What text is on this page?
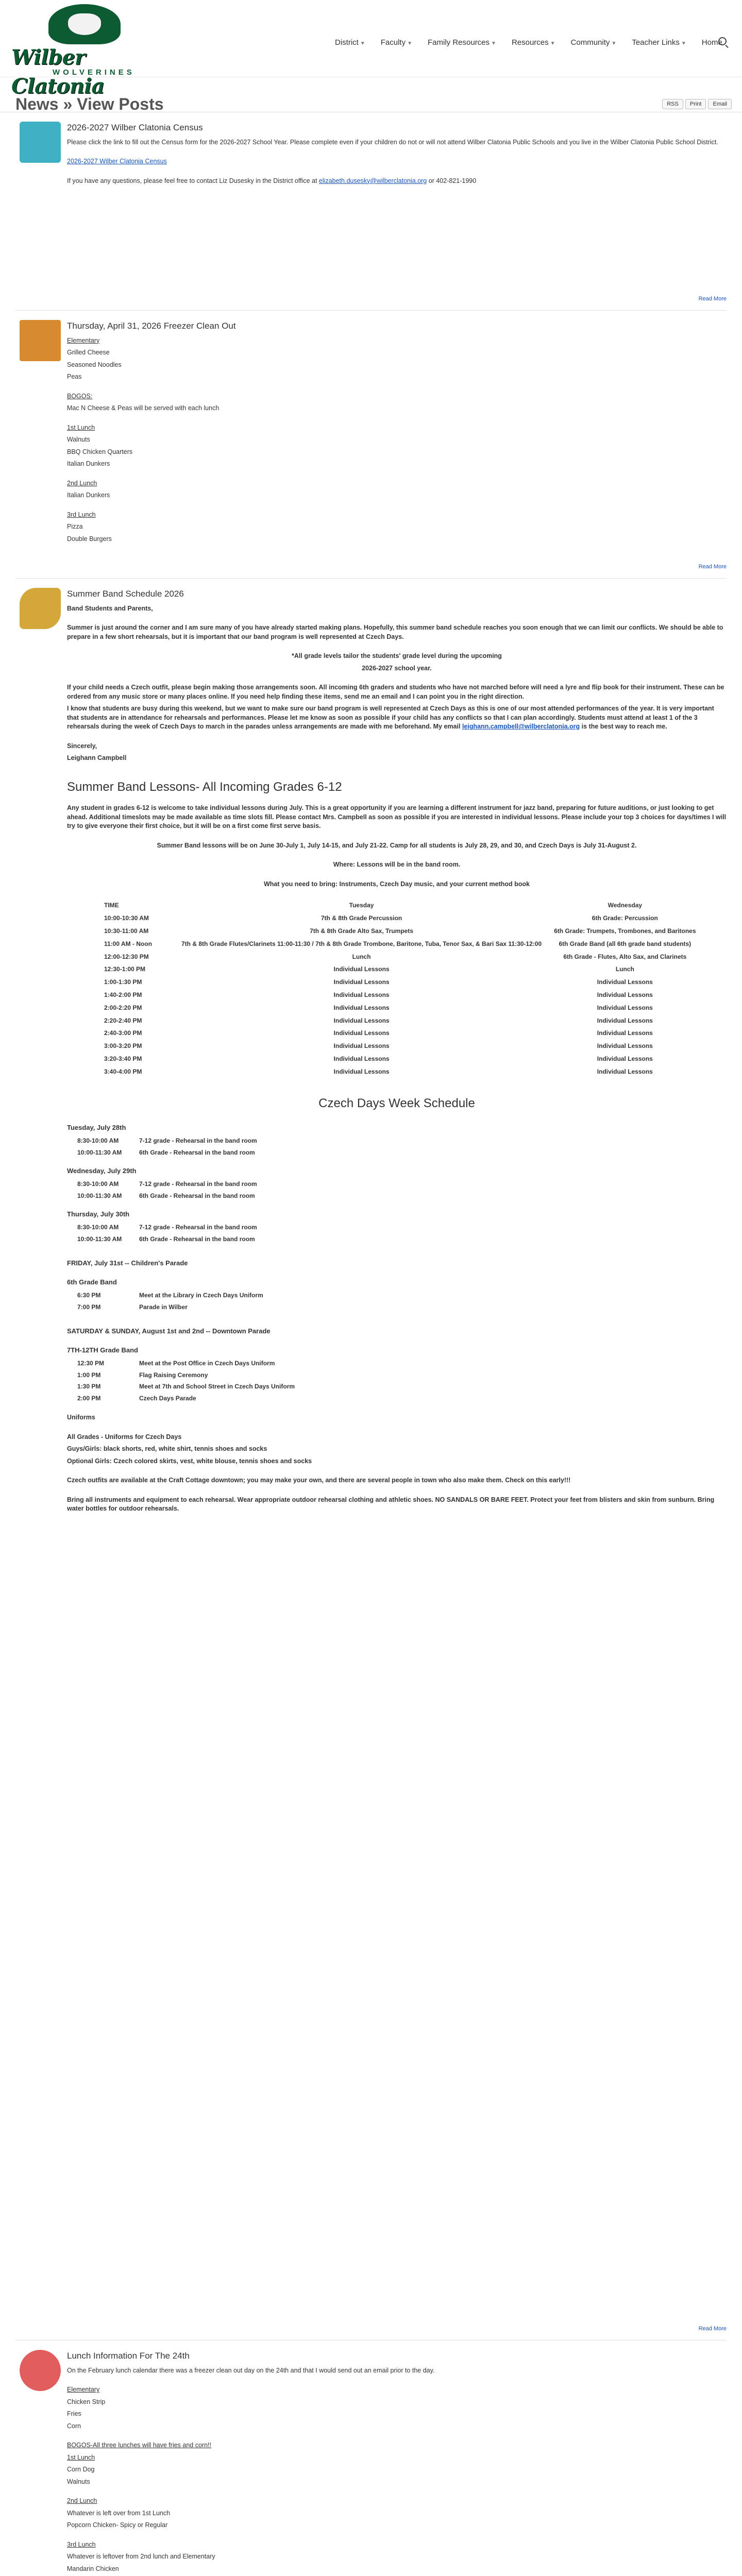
Wilber Clatonia
WOLVERINES
District ▼ Faculty ▼ Family Resources ▼ Resources ▼ Community ▼ Teacher Links ▼ Home
News » View Posts	RSS	Print	Email
2026-2027 Wilber Clatonia Census

Please click the link to fill out the Census form for the 2026-2027 School Year. Please complete even if your children do not or will not attend Wilber Clatonia Public Schools and you live in the Wilber Clatonia Public School District.

2026-2027 Wilber Clatonia Census

If you have any questions, please feel free to contact Liz Dusesky in the District office at elizabeth.dusesky@wilberclatonia.org or 402-821-1990

Read More
Thursday, April 31, 2026 Freezer Clean Out

Elementary

Grilled Cheese

Seasoned Noodles

Peas

BOGOS:

Mac N Cheese & Peas will be served with each lunch

1st Lunch

Walnuts

BBQ Chicken Quarters

Italian Dunkers

2nd Lunch

Italian Dunkers

3rd Lunch

Pizza

Double Burgers

Read More
Summer Band Schedule 2026

Band Students and Parents,

Summer is just around the corner and I am sure many of you have already started making plans. Hopefully, this summer band schedule reaches you soon enough that we can limit our conflicts. We should be able to prepare in a few short rehearsals, but it is important that our band program is well represented at Czech Days.

*All grade levels tailor the students' grade level during the upcoming

2026-2027 school year.

If your child needs a Czech outfit, please begin making those arrangements soon. All incoming 6th graders and students who have not marched before will need a lyre and flip book for their instrument. These can be ordered from any music store or many places online. If you need help finding these items, send me an email and I can point you in the right direction.

I know that students are busy during this weekend, but we want to make sure our band program is well represented at Czech Days as this is one of our most attended performances of the year. It is very important that students are in attendance for rehearsals and performances. Please let me know as soon as possible if your child has any conflicts so that I can plan accordingly. Students must attend at least 1 of the 3 rehearsals during the week of Czech Days to march in the parades unless arrangements are made with me beforehand. My email leighann.campbell@wilberclatonia.org is the best way to reach me.

Sincerely,

Leighann Campbell

Summer Band Lessons- All Incoming Grades 6-12

Any student in grades 6-12 is welcome to take individual lessons during July. This is a great opportunity if you are learning a different instrument for jazz band, preparing for future auditions, or just looking to get ahead. Additional timeslots may be made available as time slots fill. Please contact Mrs. Campbell as soon as possible if you are interested in individual lessons. Please include your top 3 choices for days/times I will try to give everyone their first choice, but it will be on a first come first serve basis.

Summer Band lessons will be on June 30-July 1, July 14-15, and July 21-22. Camp for all students is July 28, 29, and 30, and Czech Days is July 31-August 2.

Where: Lessons will be in the band room.

What you need to bring: Instruments, Czech Day music, and your current method book

TIME	Tuesday	Wednesday
10:00-10:30 AM	7th & 8th Grade Percussion	6th Grade: Percussion
10:30-11:00 AM	7th & 8th Grade Alto Sax, Trumpets	6th Grade: Trumpets, Trombones, and Baritones
11:00 AM - Noon	7th & 8th Grade Flutes/Clarinets 11:00-11:30 / 7th & 8th Grade Trombone, Baritone, Tuba, Tenor Sax, & Bari Sax 11:30-12:00	6th Grade Band (all 6th grade band students)
12:00-12:30 PM	Lunch	6th Grade - Flutes, Alto Sax, and Clarinets
12:30-1:00 PM	Individual Lessons	Lunch
1:00-1:30 PM	Individual Lessons	Individual Lessons
1:40-2:00 PM	Individual Lessons	Individual Lessons
2:00-2:20 PM	Individual Lessons	Individual Lessons
2:20-2:40 PM	Individual Lessons	Individual Lessons
2:40-3:00 PM	Individual Lessons	Individual Lessons
3:00-3:20 PM	Individual Lessons	Individual Lessons
3:20-3:40 PM	Individual Lessons	Individual Lessons
3:40-4:00 PM	Individual Lessons	Individual Lessons
Czech Days Week Schedule
Tuesday, July 28th
8:30-10:00 AM	7-12 grade - Rehearsal in the band room
10:00-11:30 AM	6th Grade - Rehearsal in the band room
Wednesday, July 29th
8:30-10:00 AM	7-12 grade - Rehearsal in the band room
10:00-11:30 AM	6th Grade - Rehearsal in the band room
Thursday, July 30th
8:30-10:00 AM	7-12 grade - Rehearsal in the band room
10:00-11:30 AM	6th Grade - Rehearsal in the band room
FRIDAY, July 31st -- Children's Parade
6th Grade Band
6:30 PM	Meet at the Library in Czech Days Uniform
7:00 PM	Parade in Wilber
SATURDAY & SUNDAY, August 1st and 2nd -- Downtown Parade
7TH-12TH Grade Band
12:30 PM	Meet at the Post Office in Czech Days Uniform
1:00 PM	Flag Raising Ceremony
1:30 PM	Meet at 7th and School Street in Czech Days Uniform
2:00 PM	Czech Days Parade

Uniforms

All Grades - Uniforms for Czech Days

Guys/Girls: black shorts, red, white shirt, tennis shoes and socks

Optional Girls: Czech colored skirts, vest, white blouse, tennis shoes and socks

Czech outfits are available at the Craft Cottage downtown; you may make your own, and there are several people in town who also make them. Check on this early!!!

Bring all instruments and equipment to each rehearsal. Wear appropriate outdoor rehearsal clothing and athletic shoes. NO SANDALS OR BARE FEET. Protect your feet from blisters and skin from sunburn. Bring water bottles for outdoor rehearsals.

Read More
Lunch Information For The 24th

On the February lunch calendar there was a freezer clean out day on the 24th and that I would send out an email prior to the day.

Elementary

Chicken Strip

Fries

Corn

BOGOS-All three lunches will have fries and corn!!

1st Lunch

Corn Dog

Walnuts

2nd Lunch

Whatever is left over from 1st Lunch

Popcorn Chicken- Spicy or Regular

3rd Lunch

Whatever is leftover from 2nd lunch and Elementary

Mandarin Chicken
